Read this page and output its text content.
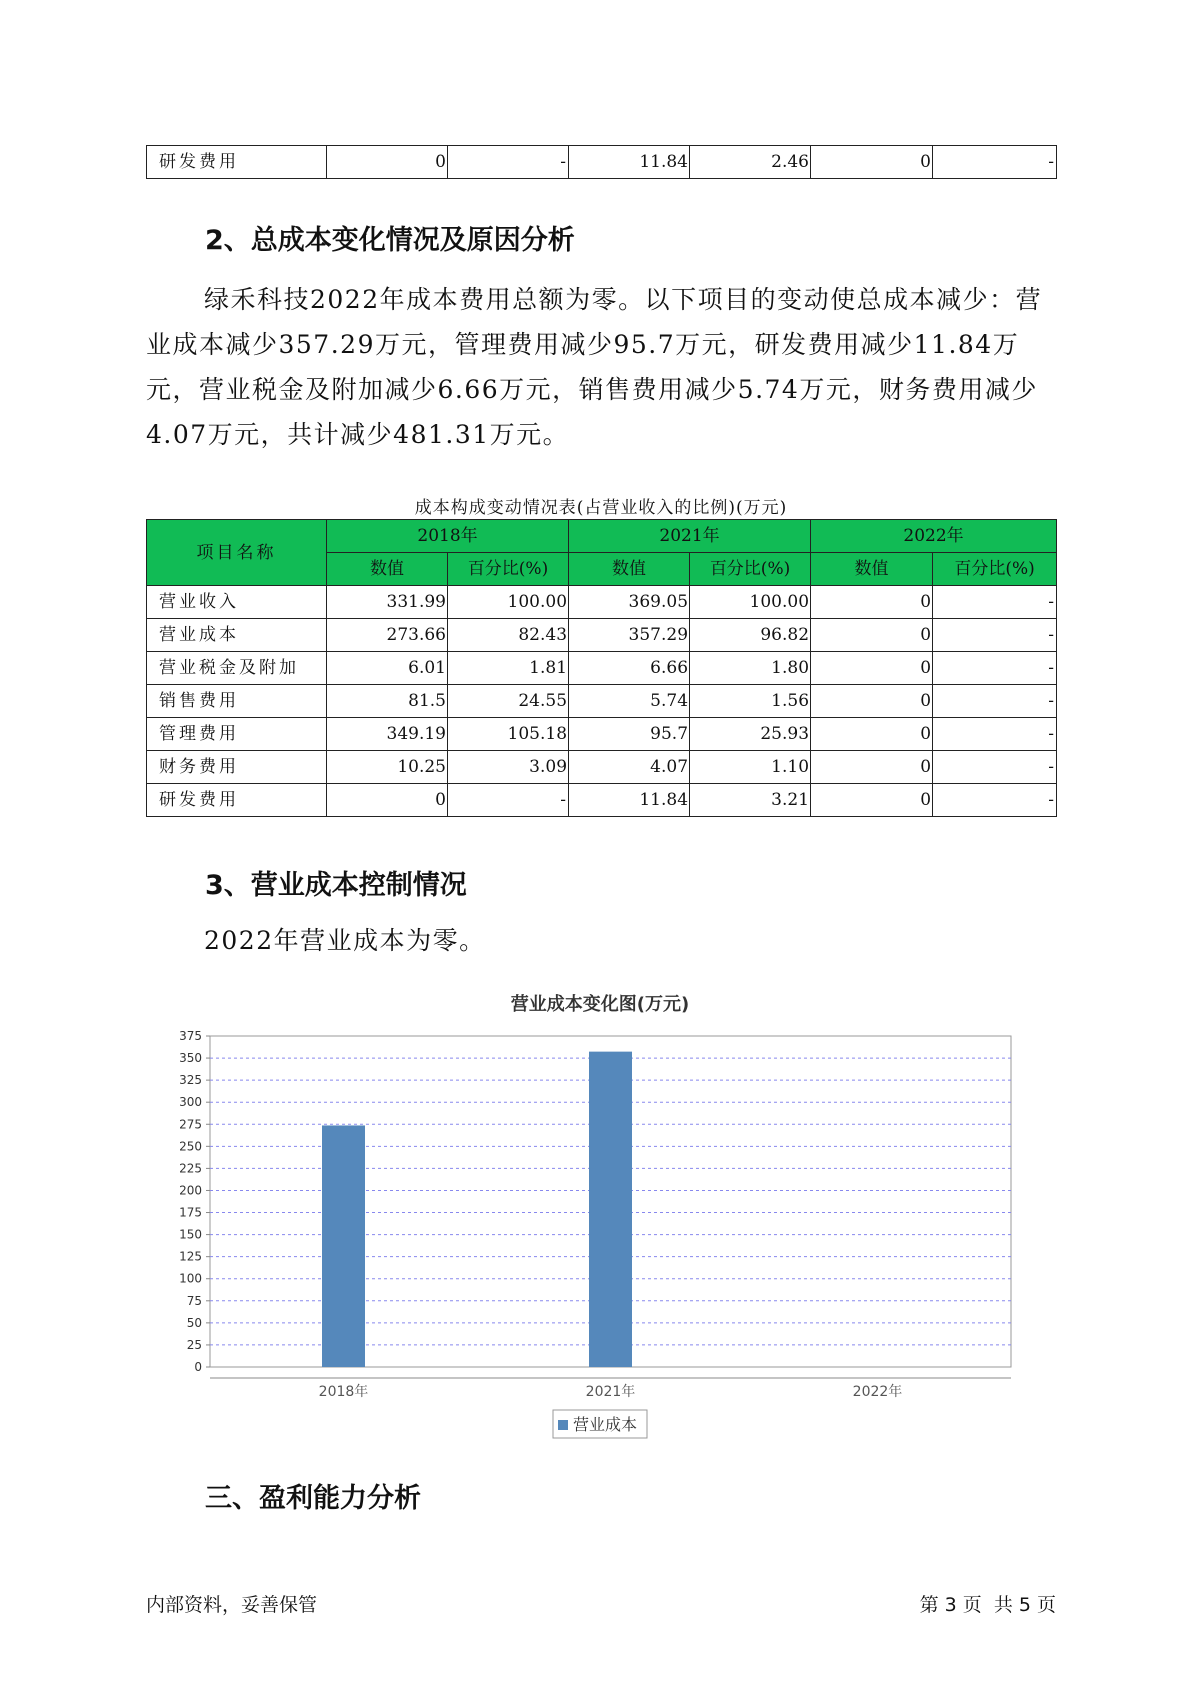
研发费用	0	-	11.84	2.46	0	-
2、总成本变化情况及原因分析
绿禾科技2022年成本费用总额为零。以下项目的变动使总成本减少：营业成本减少357.29万元，管理费用减少95.7万元，研发费用减少11.84万元，营业税金及附加减少6.66万元，销售费用减少5.74万元，财务费用减少4.07万元，共计减少481.31万元。
成本构成变动情况表(占营业收入的比例)(万元)
项目名称	2018年		2021年		2022年	
	数值	百分比(%)	数值	百分比(%)	数值	百分比(%)
营业收入	331.99	100.00	369.05	100.00	0	-
营业成本	273.66	82.43	357.29	96.82	0	-
营业税金及附加	6.01	1.81	6.66	1.80	0	-
销售费用	81.5	24.55	5.74	1.56	0	-
管理费用	349.19	105.18	95.7	25.93	0	-
财务费用	10.25	3.09	4.07	1.10	0	-
研发费用	0	-	11.84	3.21	0	-
3、营业成本控制情况
2022年营业成本为零。
营业成本变化图(万元)
0
25
50
75
100
125
150
175
200
225
250
275
300
325
350
375
2018年	2021年	2022年
营业成本
三、盈利能力分析
内部资料，妥善保管	第 3 页  共 5 页
